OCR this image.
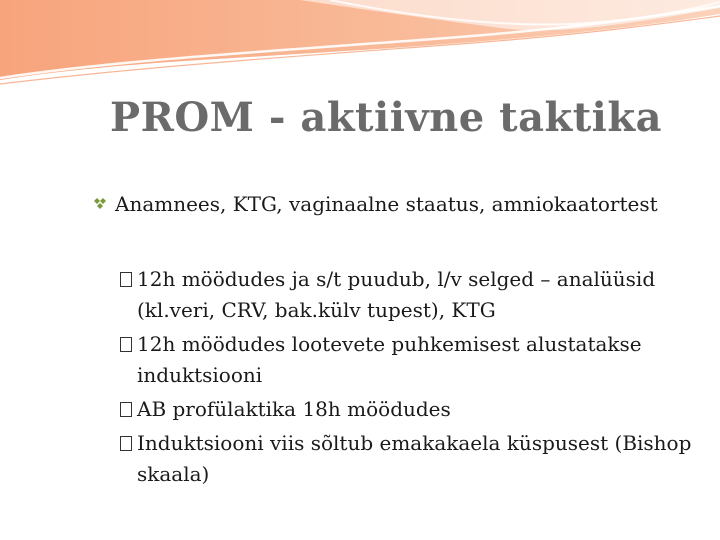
PROM - aktiivne taktika
Anamnees, KTG, vaginaalne staatus, amniokaatortest
12h möödudes ja s/t puudub, l/v selged – analüüsid (kl.veri, CRV, bak.külv tupest), KTG
12h möödudes lootevete puhkemisest alustatakse induktsiooni
AB profülaktika 18h möödudes
Induktsiooni viis sõltub emakakaela küspusest (Bishop skaala)
